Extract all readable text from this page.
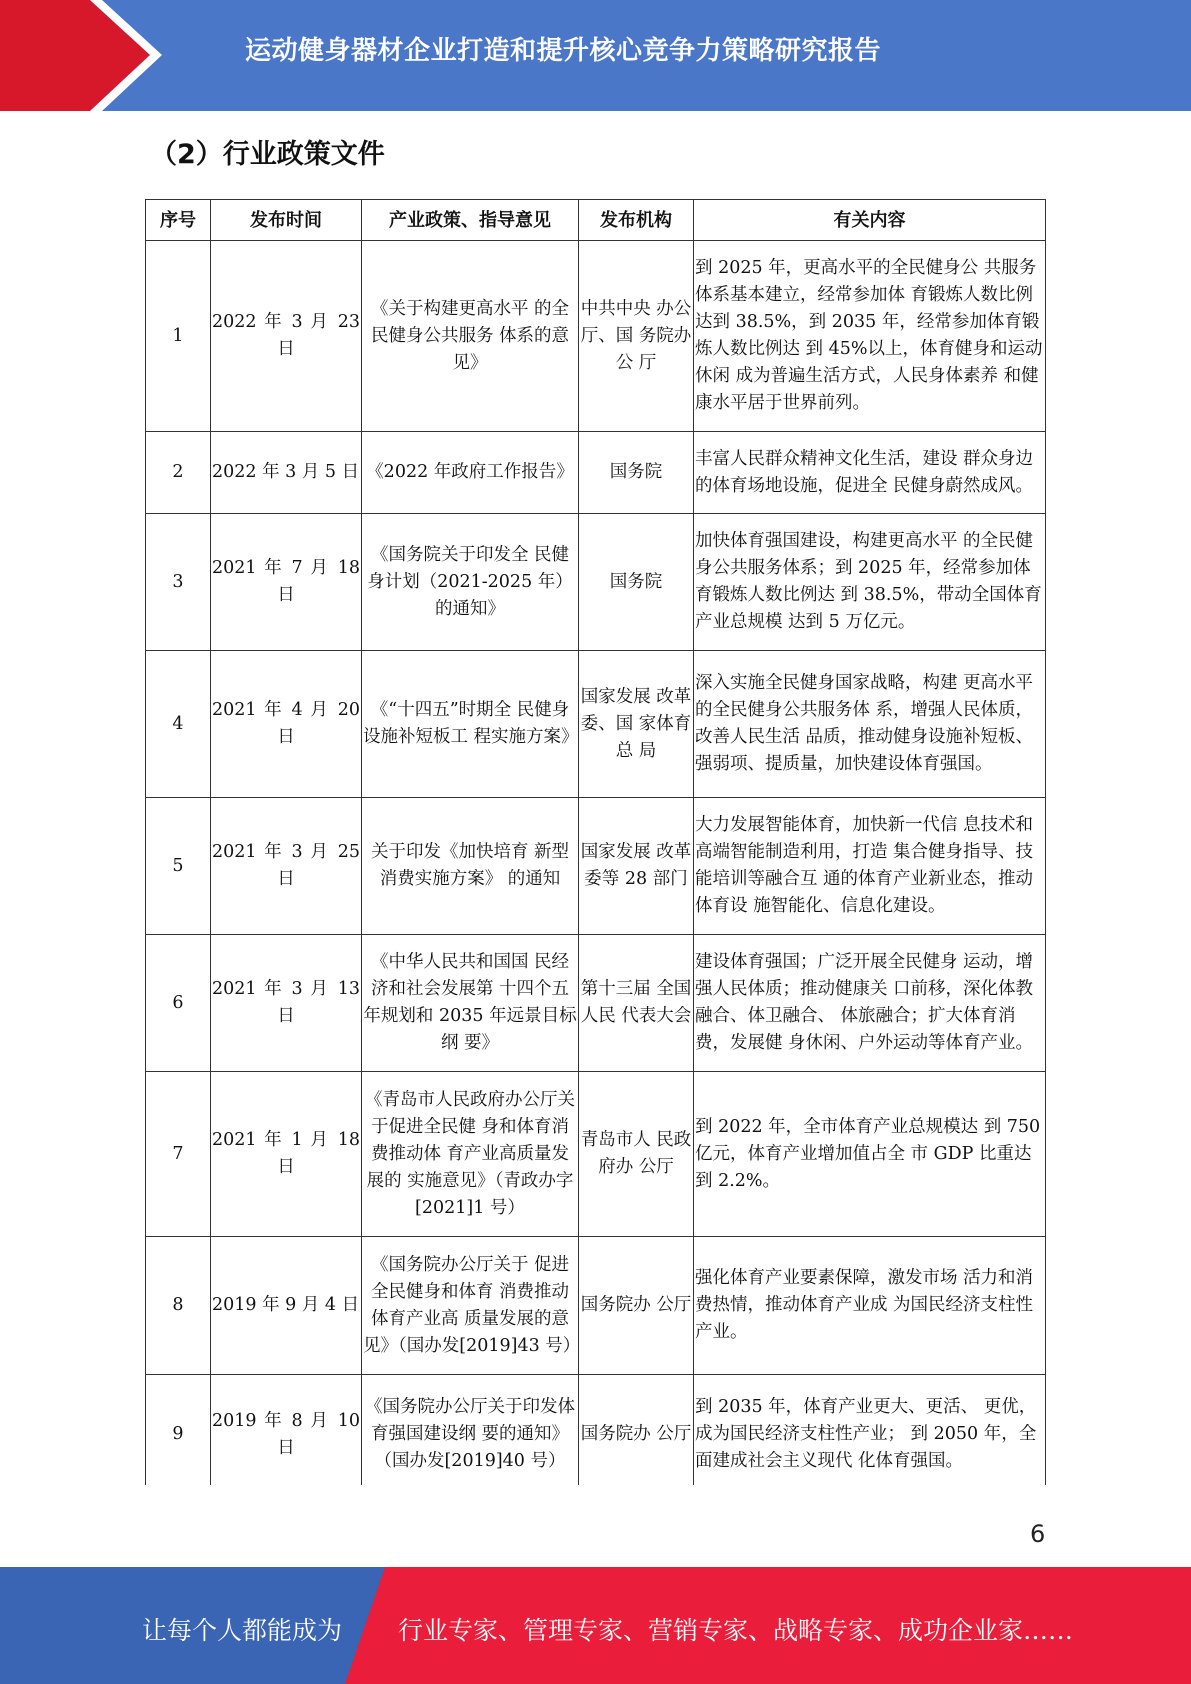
运动健身器材企业打造和提升核心竞争力策略研究报告
（2）行业政策文件
序号	发布时间	产业政策、指导意见	发布机构	有关内容
1	2022 年 3 月 23 日	《关于构建更高水平 的全民健身公共服务 体系的意见》	中共中央 办公厅、国 务院办公 厅	到 2025 年，更高水平的全民健身公 共服务体系基本建立，经常参加体 育锻炼人数比例达到 38.5%，到 2035 年，经常参加体育锻炼人数比例达 到 45%以上，体育健身和运动休闲 成为普遍生活方式，人民身体素养 和健康水平居于世界前列。
2	2022 年 3 月 5 日	《2022 年政府工作报告》	国务院	丰富人民群众精神文化生活，建设 群众身边的体育场地设施，促进全 民健身蔚然成风。
3	2021 年 7 月 18 日	《国务院关于印发全 民健身计划（2021-2025 年）的通知》	国务院	加快体育强国建设，构建更高水平 的全民健身公共服务体系；到 2025 年，经常参加体育锻炼人数比例达 到 38.5%，带动全国体育产业总规模 达到 5 万亿元。
4	2021 年 4 月 20 日	《“十四五”时期全 民健身设施补短板工 程实施方案》	国家发展 改革委、国 家体育总 局	深入实施全民健身国家战略，构建 更高水平的全民健身公共服务体 系，增强人民体质，改善人民生活 品质，推动健身设施补短板、强弱项、提质量，加快建设体育强国。
5	2021 年 3 月 25 日	关于印发《加快培育 新型消费实施方案》 的通知	国家发展 改革委等 28 部门	大力发展智能体育，加快新一代信 息技术和高端智能制造利用，打造 集合健身指导、技能培训等融合互 通的体育产业新业态，推动体育设 施智能化、信息化建设。
6	2021 年 3 月 13 日	《中华人民共和国国 民经济和社会发展第 十四个五年规划和 2035 年远景目标纲 要》	第十三届 全国人民 代表大会	建设体育强国；广泛开展全民健身 运动，增强人民体质；推动健康关 口前移，深化体教融合、体卫融合、 体旅融合；扩大体育消费，发展健 身休闲、户外运动等体育产业。
7	2021 年 1 月 18 日	《青岛市人民政府办公厅关于促进全民健 身和体育消费推动体 育产业高质量发展的 实施意见》（青政办字[2021]1 号）	青岛市人 民政府办 公厅	到 2022 年，全市体育产业总规模达 到 750 亿元，体育产业增加值占全 市 GDP 比重达到 2.2%。
8	2019 年 9 月 4 日	《国务院办公厅关于 促进全民健身和体育 消费推动体育产业高 质量发展的意见》（国办发[2019]43 号）	国务院办 公厅	强化体育产业要素保障，激发市场 活力和消费热情，推动体育产业成 为国民经济支柱性产业。
9	2019 年 8 月 10 日	《国务院办公厅关于印发体育强国建设纲 要的通知》（国办发[2019]40 号）	国务院办 公厅	到 2035 年，体育产业更大、更活、 更优，成为国民经济支柱性产业； 到 2050 年，全面建成社会主义现代 化体育强国。
6
让每个人都能成为 行业专家、管理专家、营销专家、战略专家、成功企业家……
